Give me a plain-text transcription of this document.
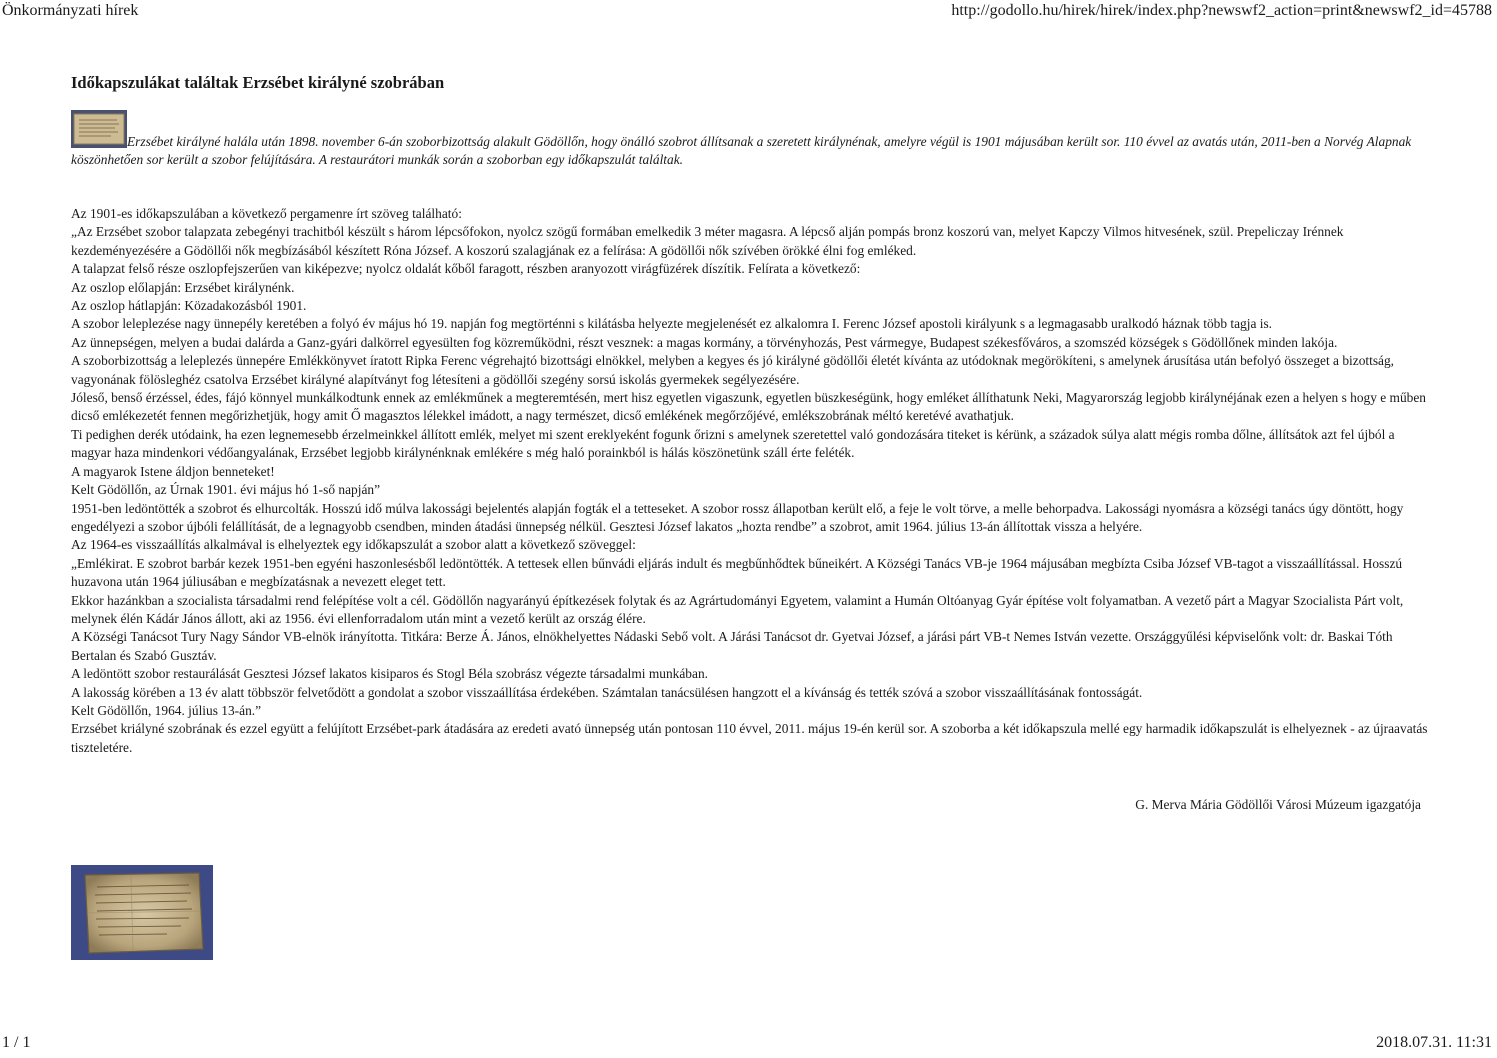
Önkormányzati hírek	http://godollo.hu/hirek/hirek/index.php?newswf2_action=print&newswf2_id=45788
Időkapszulákat találtak Erzsébet királyné szobrában
Erzsébet királyné halála után 1898. november 6-án szoborbizottság alakult Gödöllőn, hogy önálló szobrot állítsanak a szeretett királynénak, amelyre végül is 1901 májusában került sor. 110 évvel az avatás után, 2011-ben a Norvég Alapnak köszönhetően sor került a szobor felújítására. A restaurátori munkák során a szoborban egy időkapszulát találtak.

Az 1901-es időkapszulában a következő pergamenre írt szöveg található:

„Az Erzsébet szobor talapzata zebegényi trachitból készült s három lépcsőfokon, nyolcz szögű formában emelkedik 3 méter magasra. A lépcső alján pompás bronz koszorú van, melyet Kapczy Vilmos hitvesének, szül. Prepeliczay Irénnek kezdeményezésére a Gödöllői nők megbízásából készített Róna József. A koszorú szalagjának ez a felírása: A gödöllői nők szívében örökké élni fog emléked.

A talapzat felső része oszlopfejszerűen van kiképezve; nyolcz oldalát kőből faragott, részben aranyozott virágfüzérek díszítik. Felírata a következő:

Az oszlop előlapján: Erzsébet királynénk.

Az oszlop hátlapján: Közadakozásból 1901.

A szobor leleplezése nagy ünnepély keretében a folyó év május hó 19. napján fog megtörténni s kilátásba helyezte megjelenését ez alkalomra I. Ferenc József apostoli királyunk s a legmagasabb uralkodó háznak több tagja is.

Az ünnepségen, melyen a budai dalárda a Ganz-gyári dalkörrel egyesülten fog közreműködni, részt vesznek: a magas kormány, a törvényhozás, Pest vármegye, Budapest székesfőváros, a szomszéd községek s Gödöllőnek minden lakója.

A szoborbizottság a leleplezés ünnepére Emlékkönyvet íratott Ripka Ferenc végrehajtó bizottsági elnökkel, melyben a kegyes és jó királyné gödöllői életét kívánta az utódoknak megörökíteni, s amelynek árusítása után befolyó összeget a bizottság, vagyonának fölösleghéz csatolva Erzsébet királyné alapítványt fog létesíteni a gödöllői szegény sorsú iskolás gyermekek segélyezésére.

Jóleső, benső érzéssel, édes, fájó könnyel munkálkodtunk ennek az emlékműnek a megteremtésén, mert hisz egyetlen vigaszunk, egyetlen büszkeségünk, hogy emléket állíthatunk Neki, Magyarország legjobb királynéjának ezen a helyen s hogy e műben dicső emlékezetét fennen megőrizhetjük, hogy amit Ő magasztos lélekkel imádott, a nagy természet, dicső emlékének megőrzőjévé, emlékszobrának méltó keretévé avathatjuk.

Ti pedighen derék utódaink, ha ezen legnemesebb érzelmeinkkel állított emlék, melyet mi szent ereklyeként fogunk őrizni s amelynek szeretettel való gondozására titeket is kérünk, a századok súlya alatt mégis romba dőlne, állítsátok azt fel újból a magyar haza mindenkori védőangyalának, Erzsébet legjobb királynénknak emlékére s még haló porainkból is hálás köszönetünk száll érte feléték.

A magyarok Istene áldjon benneteket!

Kelt Gödöllőn, az Úrnak 1901. évi május hó 1-ső napján”

1951-ben ledöntötték a szobrot és elhurcolták. Hosszú idő múlva lakossági bejelentés alapján fogták el a tetteseket. A szobor rossz állapotban került elő, a feje le volt törve, a melle behorpadva. Lakossági nyomásra a községi tanács úgy döntött, hogy engedélyezi a szobor újbóli felállítását, de a legnagyobb csendben, minden átadási ünnepség nélkül. Gesztesi József lakatos „hozta rendbe” a szobrot, amit 1964. július 13-án állítottak vissza a helyére.

Az 1964-es visszaállítás alkalmával is elhelyeztek egy időkapszulát a szobor alatt a következő szöveggel:

„Emlékirat. E szobrot barbár kezek 1951-ben egyéni haszonlesésből ledöntötték. A tettesek ellen bűnvádi eljárás indult és megbűnhődtek bűneikért. A Községi Tanács VB-je 1964 májusában megbízta Csiba József VB-tagot a visszaállítással. Hosszú huzavona után 1964 júliusában e megbízatásnak a nevezett eleget tett.

Ekkor hazánkban a szocialista társadalmi rend felépítése volt a cél. Gödöllőn nagyarányú építkezések folytak és az Agrártudományi Egyetem, valamint a Humán Oltóanyag Gyár építése volt folyamatban. A vezető párt a Magyar Szocialista Párt volt, melynek élén Kádár János állott, aki az 1956. évi ellenforradalom után mint a vezető került az ország élére.

A Községi Tanácsot Tury Nagy Sándor VB-elnök irányította. Titkára: Berze Á. János, elnökhelyettes Nádaski Sebő volt. A Járási Tanácsot dr. Gyetvai József, a járási párt VB-t Nemes István vezette. Országgyűlési képviselőnk volt: dr. Baskai Tóth Bertalan és Szabó Gusztáv.

A ledöntött szobor restaurálását Gesztesi József lakatos kisiparos és Stogl Béla szobrász végezte társadalmi munkában.

A lakosság körében a 13 év alatt többször felvetődött a gondolat a szobor visszaállítása érdekében. Számtalan tanácsülésen hangzott el a kívánság és tették szóvá a szobor visszaállításának fontosságát.

Kelt Gödöllőn, 1964. július 13-án.”

Erzsébet kriályné szobrának és ezzel együtt a felújított Erzsébet-park átadására az eredeti avató ünnepség után pontosan 110 évvel, 2011. május 19-én kerül sor. A szoborba a két időkapszula mellé egy harmadik időkapszulát is elhelyeznek - az újraavatás tiszteletére.

G. Merva Mária Gödöllői Városi Múzeum igazgatója
1 / 1	2018.07.31. 11:31
